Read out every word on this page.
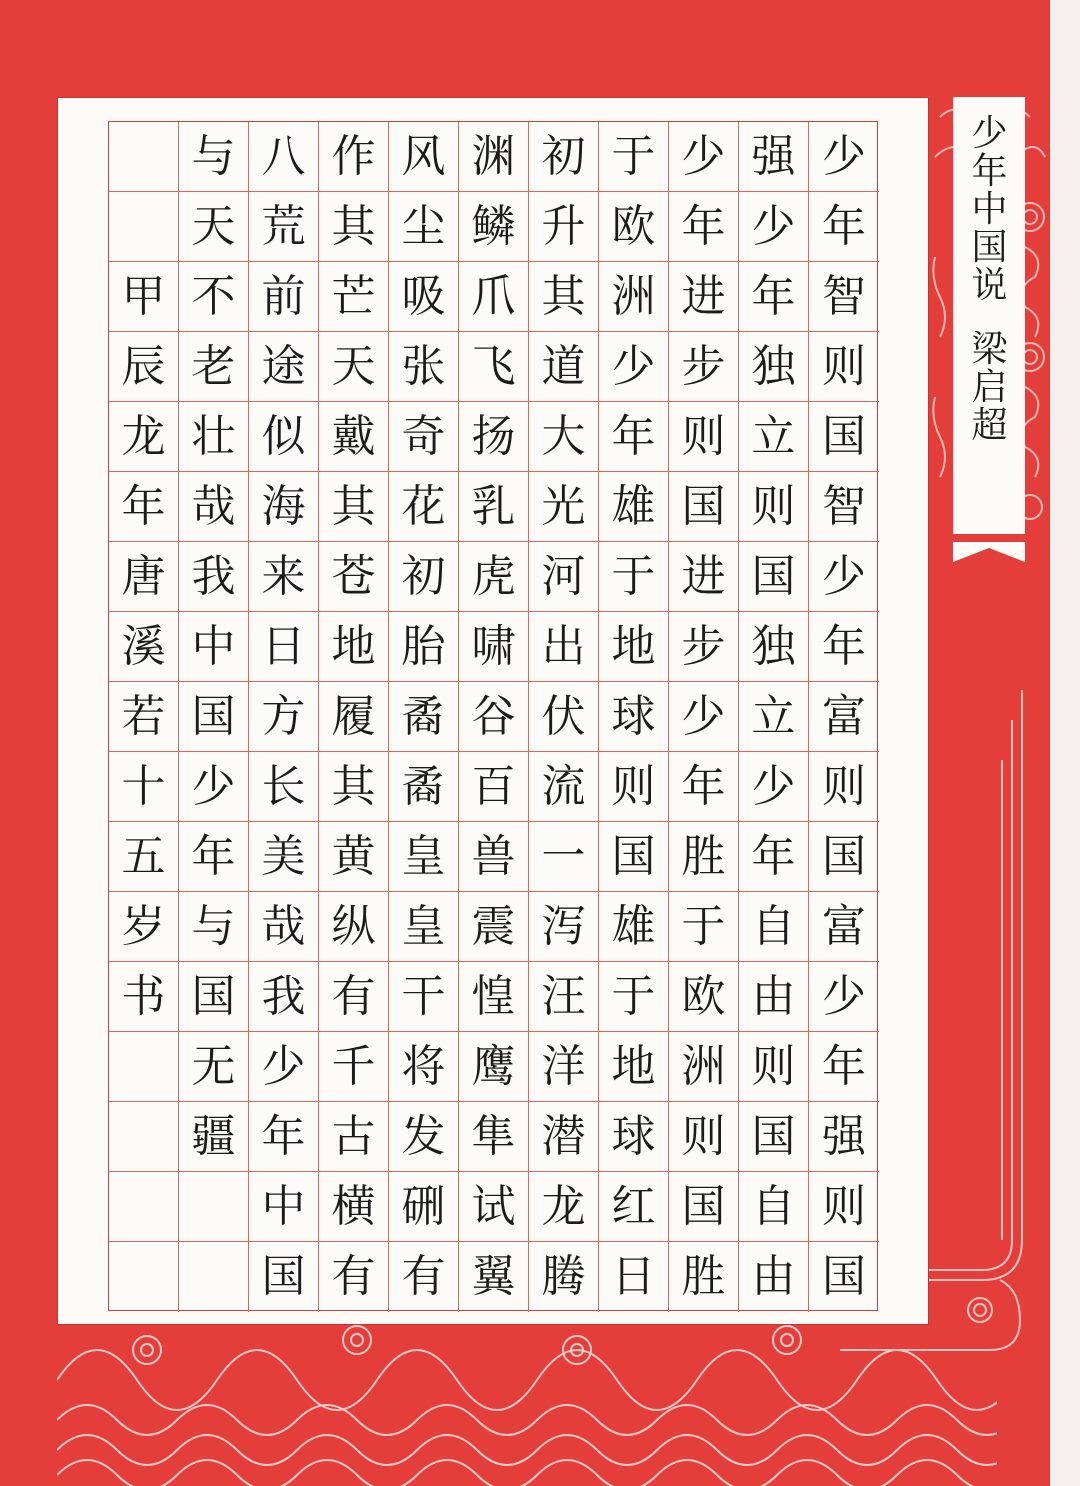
甲
辰
龙
年
唐
溪
若
十
五
岁
书
与
天
不
老
壮
哉
我
中
国
少
年
与
国
无
疆
八
荒
前
途
似
海
来
日
方
长
美
哉
我
少
年
中
国
作
其
芒
天
戴
其
苍
地
履
其
黄
纵
有
千
古
横
有
风
尘
吸
张
奇
花
初
胎
矞
矞
皇
皇
干
将
发
硎
有
渊
鳞
爪
飞
扬
乳
虎
啸
谷
百
兽
震
惶
鹰
隼
试
翼
初
升
其
道
大
光
河
出
伏
流
一
泻
汪
洋
潜
龙
腾
于
欧
洲
少
年
雄
于
地
球
则
国
雄
于
地
球
红
日
少
年
进
步
则
国
进
步
少
年
胜
于
欧
洲
则
国
胜
强
少
年
独
立
则
国
独
立
少
年
自
由
则
国
自
由
少
年
智
则
国
智
少
年
富
则
国
富
少
年
强
则
国
少
年
中
国
说
梁
启
超
